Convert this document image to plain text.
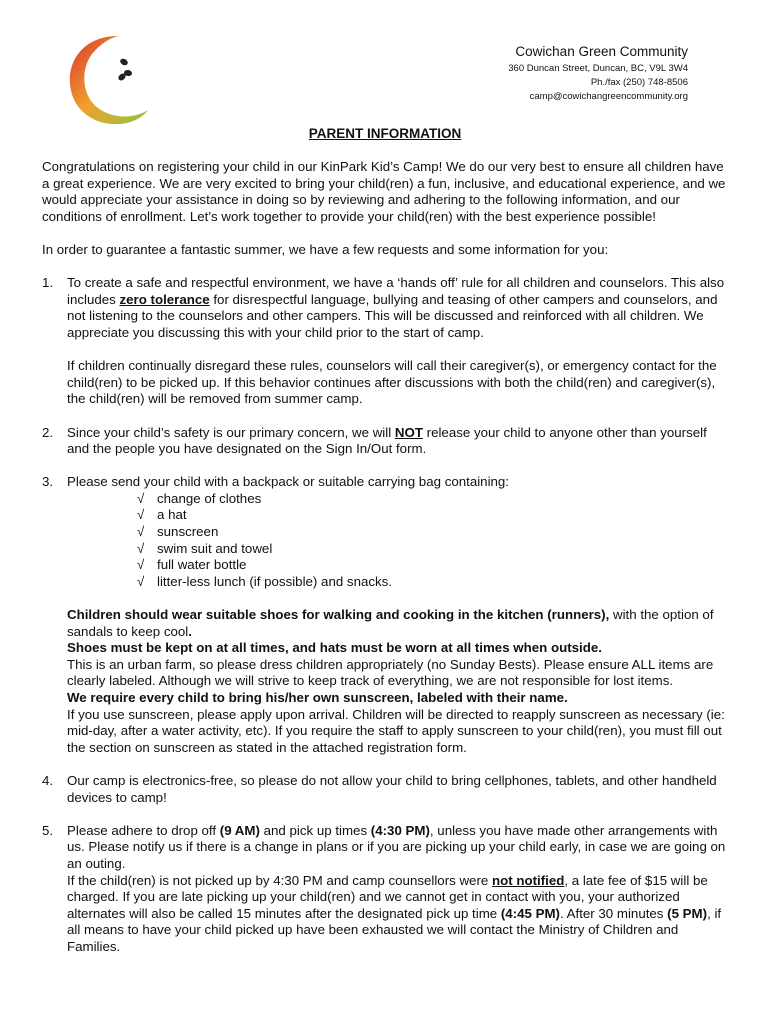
Cowichan Green Community
360 Duncan Street, Duncan, BC, V9L 3W4
Ph./fax (250) 748-8506
camp@cowichangreencommunity.org
PARENT INFORMATION

Congratulations on registering your child in our KinPark Kid’s Camp! We do our very best to ensure all children have a great experience. We are very excited to bring your child(ren) a fun, inclusive, and educational experience, and we would appreciate your assistance in doing so by reviewing and adhering to the following information, and our conditions of enrollment. Let’s work together to provide your child(ren) with the best experience possible!

In order to guarantee a fantastic summer, we have a few requests and some information for you:

1.	To create a safe and respectful environment, we have a ‘hands off’ rule for all children and counselors. This also includes zero tolerance for disrespectful language, bullying and teasing of other campers and counselors, and not listening to the counselors and other campers. This will be discussed and reinforced with all children. We appreciate you discussing this with your child prior to the start of camp.

If children continually disregard these rules, counselors will call their caregiver(s), or emergency contact for the child(ren) to be picked up. If this behavior continues after discussions with both the child(ren) and caregiver(s), the child(ren) will be removed from summer camp.

2.	Since your child’s safety is our primary concern, we will NOT release your child to anyone other than yourself and the people you have designated on the Sign In/Out form.

3.	Please send your child with a backpack or suitable carrying bag containing:

√ change of clothes
√ a hat
√ sunscreen
√ swim suit and towel
√ full water bottle
√ litter-less lunch (if possible) and snacks.

Children should wear suitable shoes for walking and cooking in the kitchen (runners), with the option of sandals to keep cool.

Shoes must be kept on at all times, and hats must be worn at all times when outside.

This is an urban farm, so please dress children appropriately (no Sunday Bests). Please ensure ALL items are clearly labeled. Although we will strive to keep track of everything, we are not responsible for lost items.

We require every child to bring his/her own sunscreen, labeled with their name.

If you use sunscreen, please apply upon arrival. Children will be directed to reapply sunscreen as necessary (ie: mid-day, after a water activity, etc). If you require the staff to apply sunscreen to your child(ren), you must fill out the section on sunscreen as stated in the attached registration form.

4.	Our camp is electronics-free, so please do not allow your child to bring cellphones, tablets, and other handheld devices to camp!

5.	Please adhere to drop off (9 AM) and pick up times (4:30 PM), unless you have made other arrangements with us. Please notify us if there is a change in plans or if you are picking up your child early, in case we are going on an outing.

If the child(ren) is not picked up by 4:30 PM and camp counsellors were not notified, a late fee of $15 will be charged. If you are late picking up your child(ren) and we cannot get in contact with you, your authorized alternates will also be called 15 minutes after the designated pick up time (4:45 PM). After 30 minutes (5 PM), if all means to have your child picked up have been exhausted we will contact the Ministry of Children and Families.
